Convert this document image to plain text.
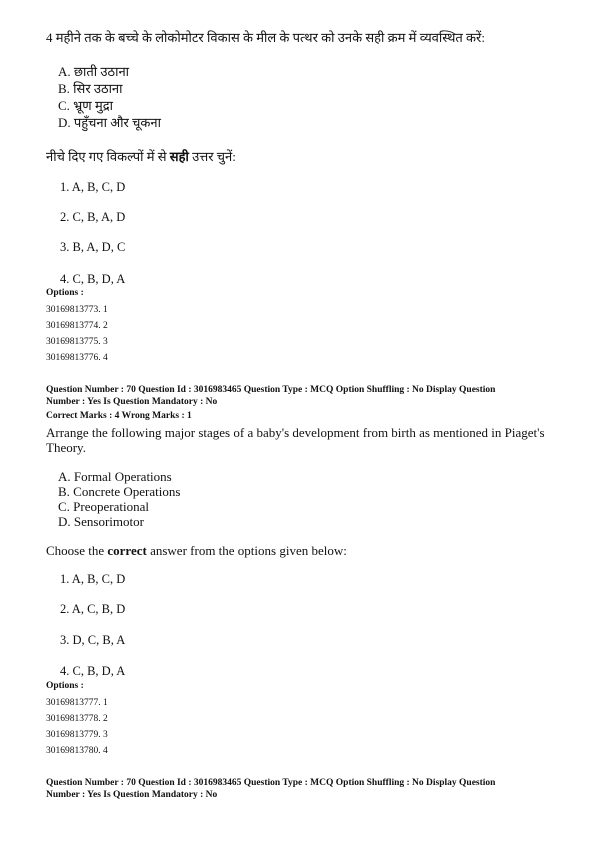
4 महीने तक के बच्चे के लोकोमोटर विकास के मील के पत्थर को उनके सही क्रम में व्यवस्थित करें:
A. छाती उठाना
B. सिर उठाना
C. भ्रूण मुद्रा
D. पहुँचना और चूकना
नीचे दिए गए विकल्पों में से सही उत्तर चुनें:
1. A, B, C, D
2. C, B, A, D
3. B, A, D, C
4. C, B, D, A
Options :
30169813773. 1
30169813774. 2
30169813775. 3
30169813776. 4
Question Number : 70 Question Id : 3016983465 Question Type : MCQ Option Shuffling : No Display Question
Number : Yes Is Question Mandatory : No
Correct Marks : 4 Wrong Marks : 1
Arrange the following major stages of a baby's development from birth as mentioned in Piaget's
Theory.
A. Formal Operations
B. Concrete Operations
C. Preoperational
D. Sensorimotor
Choose the correct answer from the options given below:
1. A, B, C, D
2. A, C, B, D
3. D, C, B, A
4. C, B, D, A
Options :
30169813777. 1
30169813778. 2
30169813779. 3
30169813780. 4
Question Number : 70 Question Id : 3016983465 Question Type : MCQ Option Shuffling : No Display Question
Number : Yes Is Question Mandatory : No
